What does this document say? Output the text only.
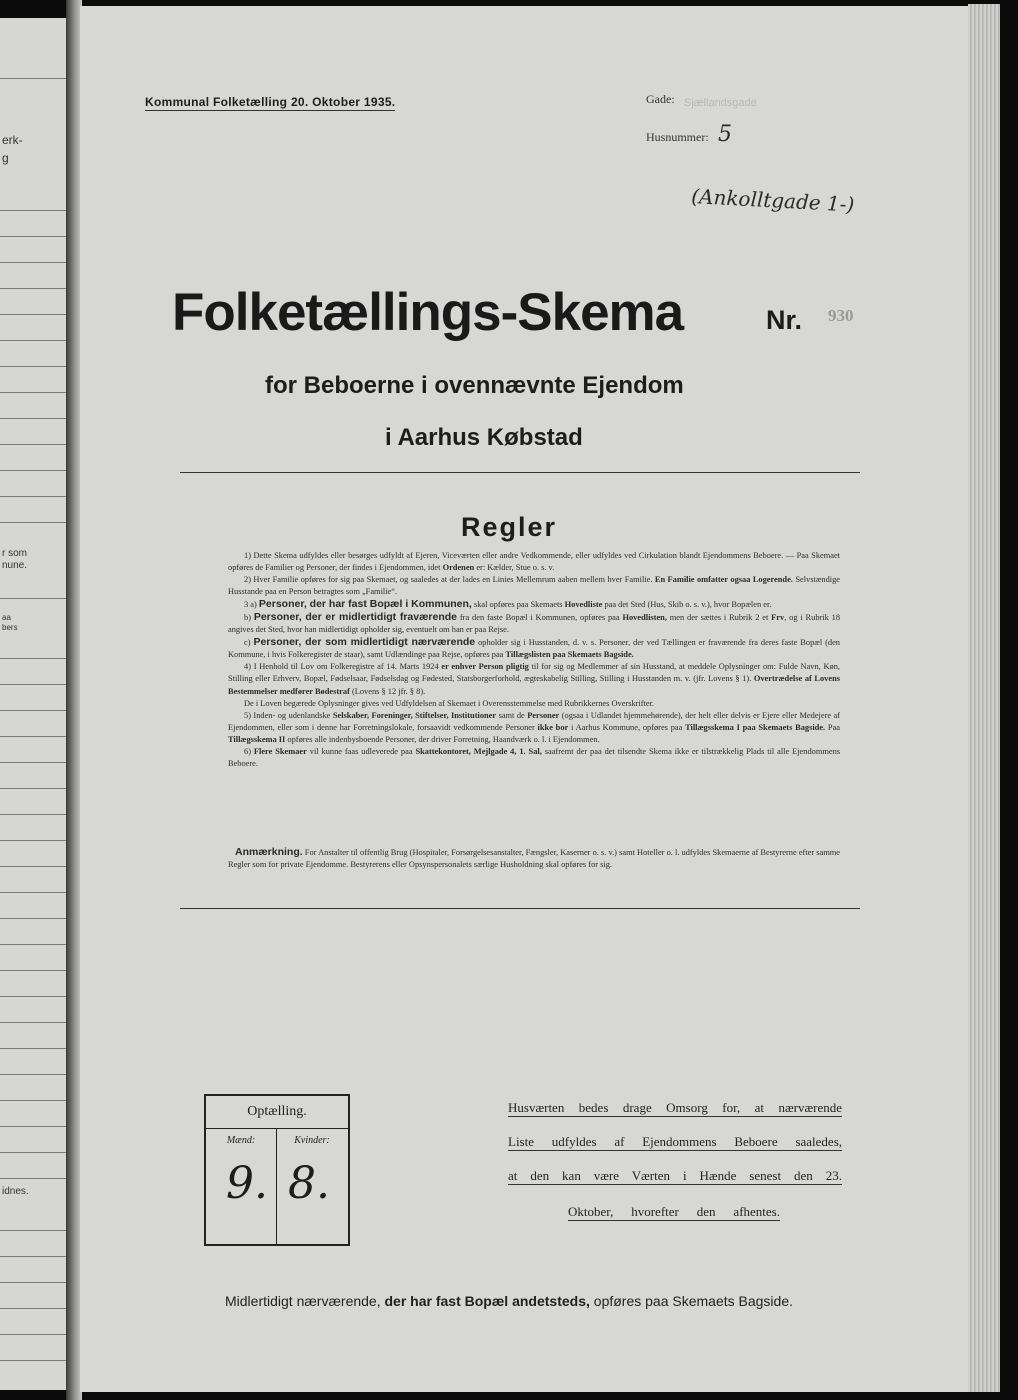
erk-
g
r som
nune.
aa
bers
idnes.
Kommunal Folketælling 20. Oktober 1935.	Gade: Sjællandsgade
Husnummer: 5
(Ankolltgade 1-)
Folketællings-Skema	Nr. 930
for Beboerne i ovennævnte Ejendom
i Aarhus Købstad
Regler

1) Dette Skema udfyldes eller besørges udfyldt af Ejeren, Viceværten eller andre Vedkommende, eller udfyldes ved Cirkulation blandt Ejendommens Beboere. — Paa Skemaet opføres de Familier og Personer, der findes i Ejendommen, idet Ordenen er: Kælder, Stue o. s. v.

2) Hver Familie opføres for sig paa Skemaet, og saaledes at der lades en Linies Mellemrum aaben mellem hver Familie. En Familie omfatter ogsaa Logerende. Selvstændige Husstande paa en Person betragtes som „Familie“.

3 a) Personer, der har fast Bopæl i Kommunen, skal opføres paa Skemaets Hovedliste paa det Sted (Hus, Skib o. s. v.), hvor Bopælen er.

b) Personer, der er midlertidigt fraværende fra den faste Bopæl i Kommunen, opføres paa Hovedlisten, men der sættes i Rubrik 2 et Frv, og i Rubrik 18 angives det Sted, hvor han midlertidigt opholder sig, eventuelt om han er paa Rejse.

c) Personer, der som midlertidigt nærværende opholder sig i Husstanden, d. v. s. Personer, der ved Tællingen er fraværende fra deres faste Bopæl (den Kommune, i hvis Folkeregister de staar), samt Udlændinge paa Rejse, opføres paa Tillægslisten paa Skemaets Bagside.

4) I Henhold til Lov om Folkeregistre af 14. Marts 1924 er enhver Person pligtig til for sig og Medlemmer af sin Husstand, at meddele Oplysninger om: Fulde Navn, Køn, Stilling eller Erhverv, Bopæl, Fødselsaar, Fødselsdag og Fødested, Statsborgerforhold, ægteskabelig Stilling, Stilling i Husstanden m. v. (jfr. Lovens § 1). Overtrædelse af Lovens Bestemmelser medfører Bødestraf (Lovens § 12 jfr. § 8).

De i Loven begærede Oplysninger gives ved Udfyldelsen af Skemaet i Overensstemmelse med Rubrikkernes Overskrifter.

5) Inden- og udenlandske Selskaber, Foreninger, Stiftelser, Institutioner samt de Personer (ogsaa i Udlandet hjemmehørende), der helt eller delvis er Ejere eller Medejere af Ejendommen, eller som i denne har Forretningslokale, forsaavidt vedkommende Personer ikke bor i Aarhus Kommune, opføres paa Tillægsskema I paa Skemaets Bagside. Paa Tillægsskema II opføres alle indenbysboende Personer, der driver Forretning, Haandværk o. l. i Ejendommen.

6) Flere Skemaer vil kunne faas udleverede paa Skattekontoret, Mejlgade 4, 1. Sal, saafremt der paa det tilsendte Skema ikke er tilstrækkelig Plads til alle Ejendommens Beboere.

Anmærkning. For Anstalter til offentlig Brug (Hospitaler, Forsørgelsesanstalter, Fængsler, Kaserner o. s. v.) samt Hoteller o. l. udfyldes Skemaerne af Bestyrerne efter samme Regler som for private Ejendomme. Bestyrerens eller Opsynspersonalets særlige Husholdning skal opføres for sig.

Optælling.
Mænd:	Kvinder:
9. 8.
Husværten bedes drage Omsorg for, at nærværende
Liste udfyldes af Ejendommens Beboere saaledes,
at den kan være Værten i Hænde senest den 23.
Oktober, hvorefter den afhentes.
Midlertidigt nærværende, der har fast Bopæl andetsteds, opføres paa Skemaets Bagside.
